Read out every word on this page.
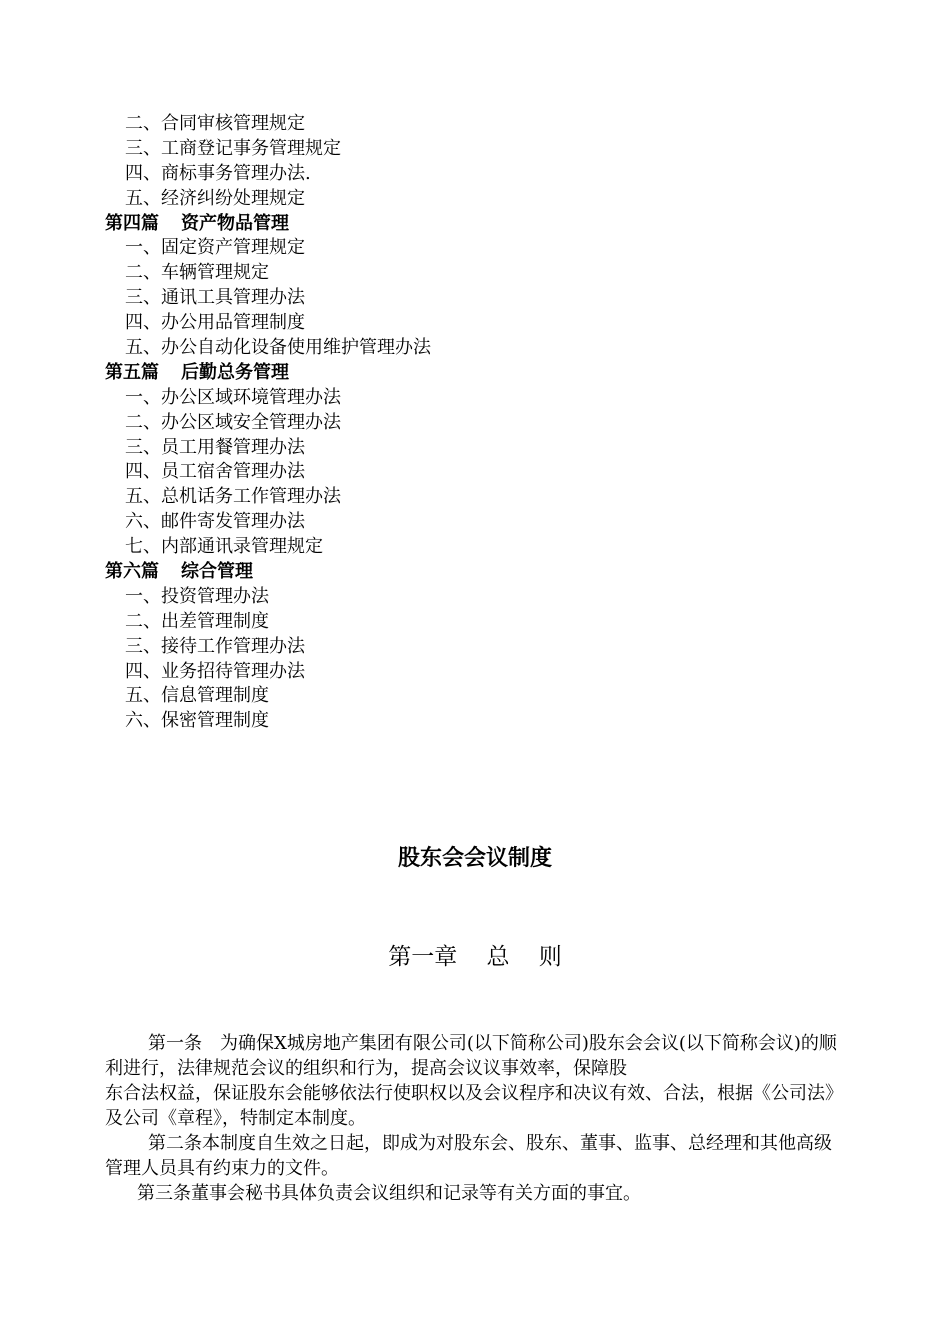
二、合同审核管理规定
三、工商登记事务管理规定
四、商标事务管理办法.
五、经济纠纷处理规定
第四篇 资产物品管理
一、固定资产管理规定
二、车辆管理规定
三、通讯工具管理办法
四、办公用品管理制度
五、办公自动化设备使用维护管理办法
第五篇 后勤总务管理
一、办公区域环境管理办法
二、办公区域安全管理办法
三、员工用餐管理办法
四、员工宿舍管理办法
五、总机话务工作管理办法
六、邮件寄发管理办法
七、内部通讯录管理规定
第六篇 综合管理
一、投资管理办法
二、出差管理制度
三、接待工作管理办法
四、业务招待管理办法
五、信息管理制度
六、保密管理制度
股东会会议制度
第一章    总    则

第一条　为确保X城房地产集团有限公司(以下简称公司)股东会会议(以下简称会议)的顺利进行，法律规范会议的组织和行为，提高会议议事效率，保障股

东合法权益，保证股东会能够依法行使职权以及会议程序和决议有效、合法，根据《公司法》及公司《章程》，特制定本制度。

第二条本制度自生效之日起，即成为对股东会、股东、董事、监事、总经理和其他高级管理人员具有约束力的文件。

第三条董事会秘书具体负责会议组织和记录等有关方面的事宜。
